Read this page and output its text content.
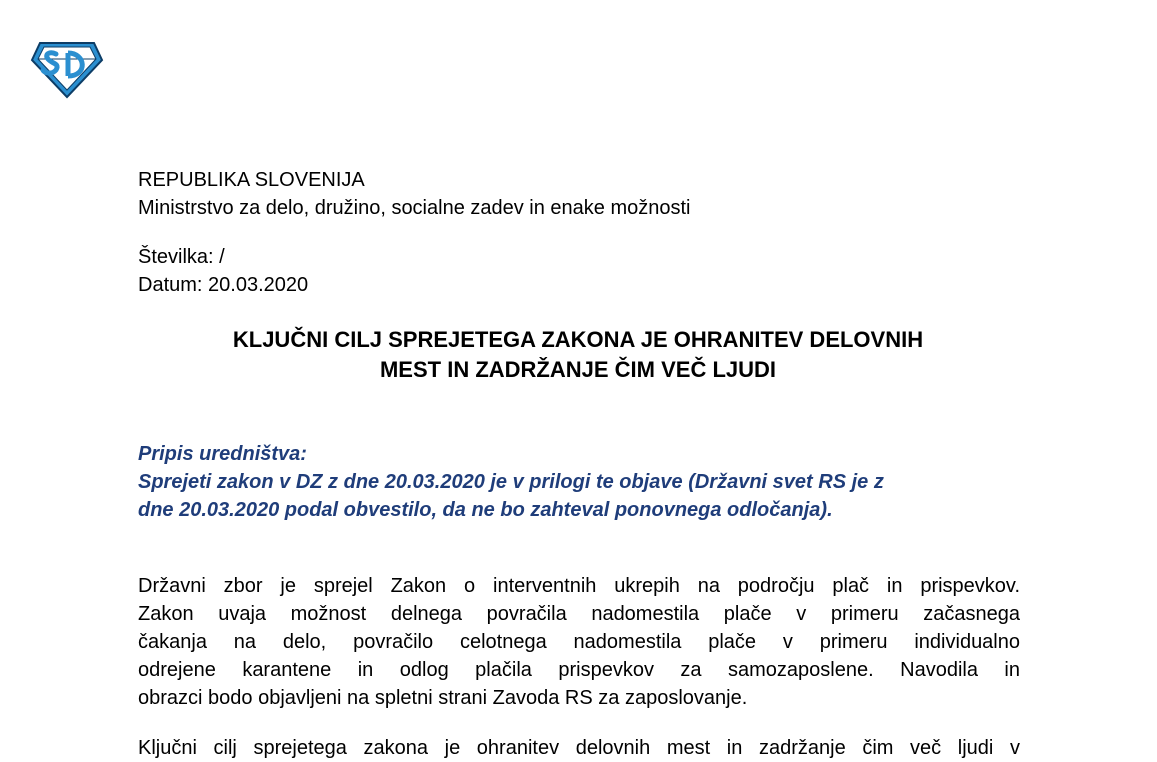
REPUBLIKA SLOVENIJA
Ministrstvo za delo, družino, socialne zadev in enake možnosti
Številka: /
Datum: 20.03.2020
KLJUČNI CILJ SPREJETEGA ZAKONA JE OHRANITEV DELOVNIH
MEST IN ZADRŽANJE ČIM VEČ LJUDI
Pripis uredništva:
Sprejeti zakon v DZ z dne 20.03.2020 je v prilogi te objave (Državni svet RS je z
dne 20.03.2020 podal obvestilo, da ne bo zahteval ponovnega odločanja).
Državni zbor je sprejel Zakon o interventnih ukrepih na področju plač in prispevkov.
Zakon uvaja možnost delnega povračila nadomestila plače v primeru začasnega
čakanja na delo, povračilo celotnega nadomestila plače v primeru individualno
odrejene karantene in odlog plačila prispevkov za samozaposlene. Navodila in
obrazci bodo objavljeni na spletni strani Zavoda RS za zaposlovanje.
Ključni cilj sprejetega zakona je ohranitev delovnih mest in zadržanje čim več ljudi v
